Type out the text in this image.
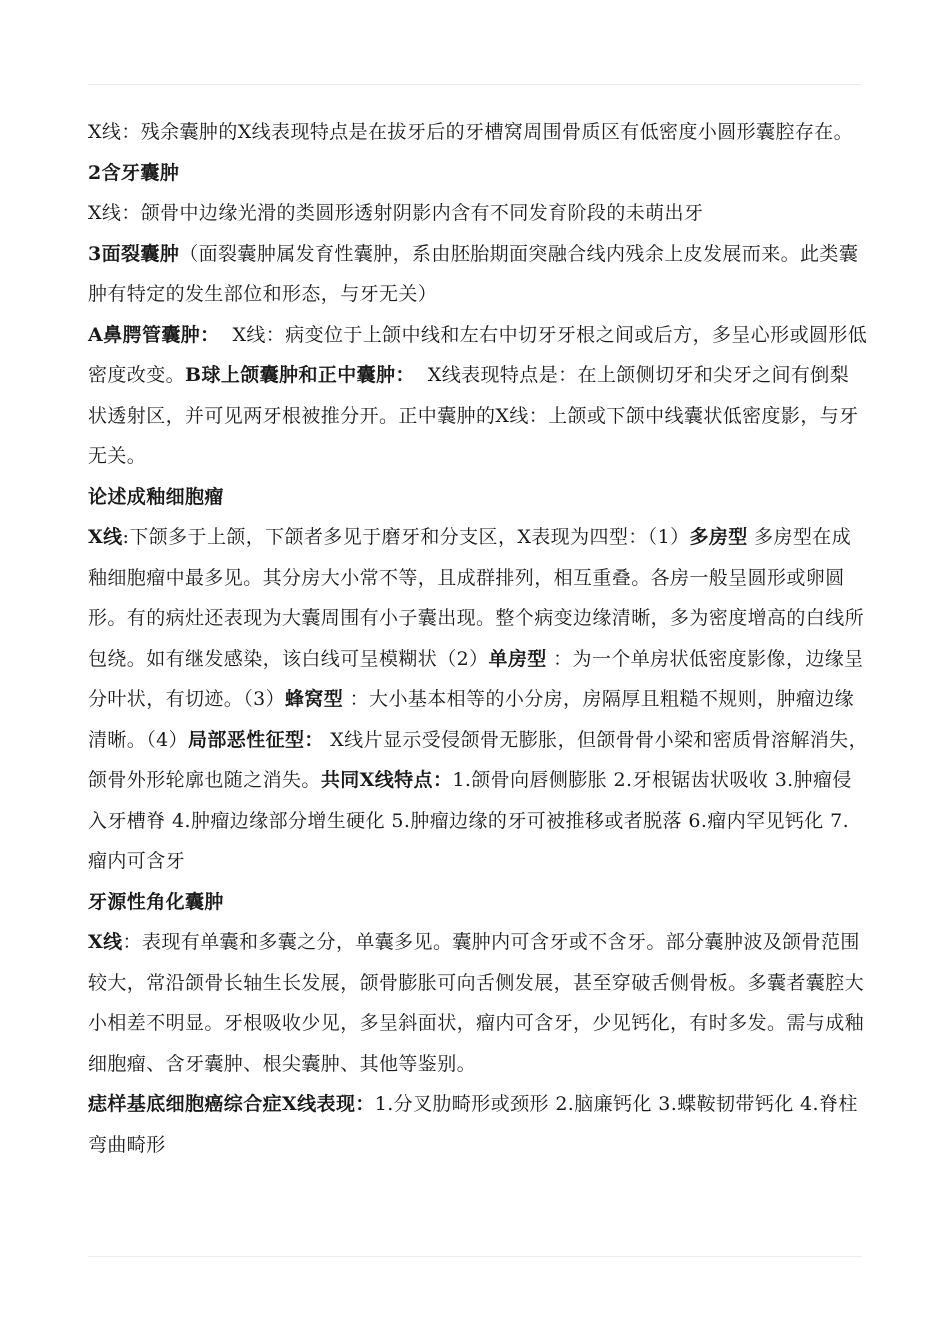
X线：残余囊肿的X线表现特点是在拔牙后的牙槽窝周围骨质区有低密度小圆形囊腔存在。

2含牙囊肿

X线：颌骨中边缘光滑的类圆形透射阴影内含有不同发育阶段的未萌出牙

3面裂囊肿（面裂囊肿属发育性囊肿，系由胚胎期面突融合线内残余上皮发展而来。此类囊肿有特定的发生部位和形态，与牙无关）

A鼻腭管囊肿： X线：病变位于上颌中线和左右中切牙牙根之间或后方，多呈心形或圆形低密度改变。B球上颌囊肿和正中囊肿： X线表现特点是：在上颌侧切牙和尖牙之间有倒梨状透射区，并可见两牙根被推分开。正中囊肿的X线：上颌或下颌中线囊状低密度影，与牙无关。

论述成釉细胞瘤

X线:下颌多于上颌，下颌者多见于磨牙和分支区，X表现为四型：（1）多房型 多房型在成釉细胞瘤中最多见。其分房大小常不等，且成群排列，相互重叠。各房一般呈圆形或卵圆形。有的病灶还表现为大囊周围有小子囊出现。整个病变边缘清晰，多为密度增高的白线所包绕。如有继发感染，该白线可呈模糊状（2）单房型 ：为一个单房状低密度影像，边缘呈分叶状，有切迹。（3）蜂窝型 ：大小基本相等的小分房，房隔厚且粗糙不规则，肿瘤边缘清晰。（4）局部恶性征型： X线片显示受侵颌骨无膨胀，但颌骨骨小梁和密质骨溶解消失，颌骨外形轮廓也随之消失。共同X线特点：1.颌骨向唇侧膨胀 2.牙根锯齿状吸收 3.肿瘤侵入牙槽脊 4.肿瘤边缘部分增生硬化 5.肿瘤边缘的牙可被推移或者脱落 6.瘤内罕见钙化 7.瘤内可含牙

牙源性角化囊肿

X线：表现有单囊和多囊之分，单囊多见。囊肿内可含牙或不含牙。部分囊肿波及颌骨范围较大，常沿颌骨长轴生长发展，颌骨膨胀可向舌侧发展，甚至穿破舌侧骨板。多囊者囊腔大小相差不明显。牙根吸收少见，多呈斜面状，瘤内可含牙，少见钙化，有时多发。需与成釉细胞瘤、含牙囊肿、根尖囊肿、其他等鉴别。

痣样基底细胞癌综合症X线表现：1.分叉肋畸形或颈形 2.脑廉钙化 3.蝶鞍韧带钙化 4.脊柱弯曲畸形
